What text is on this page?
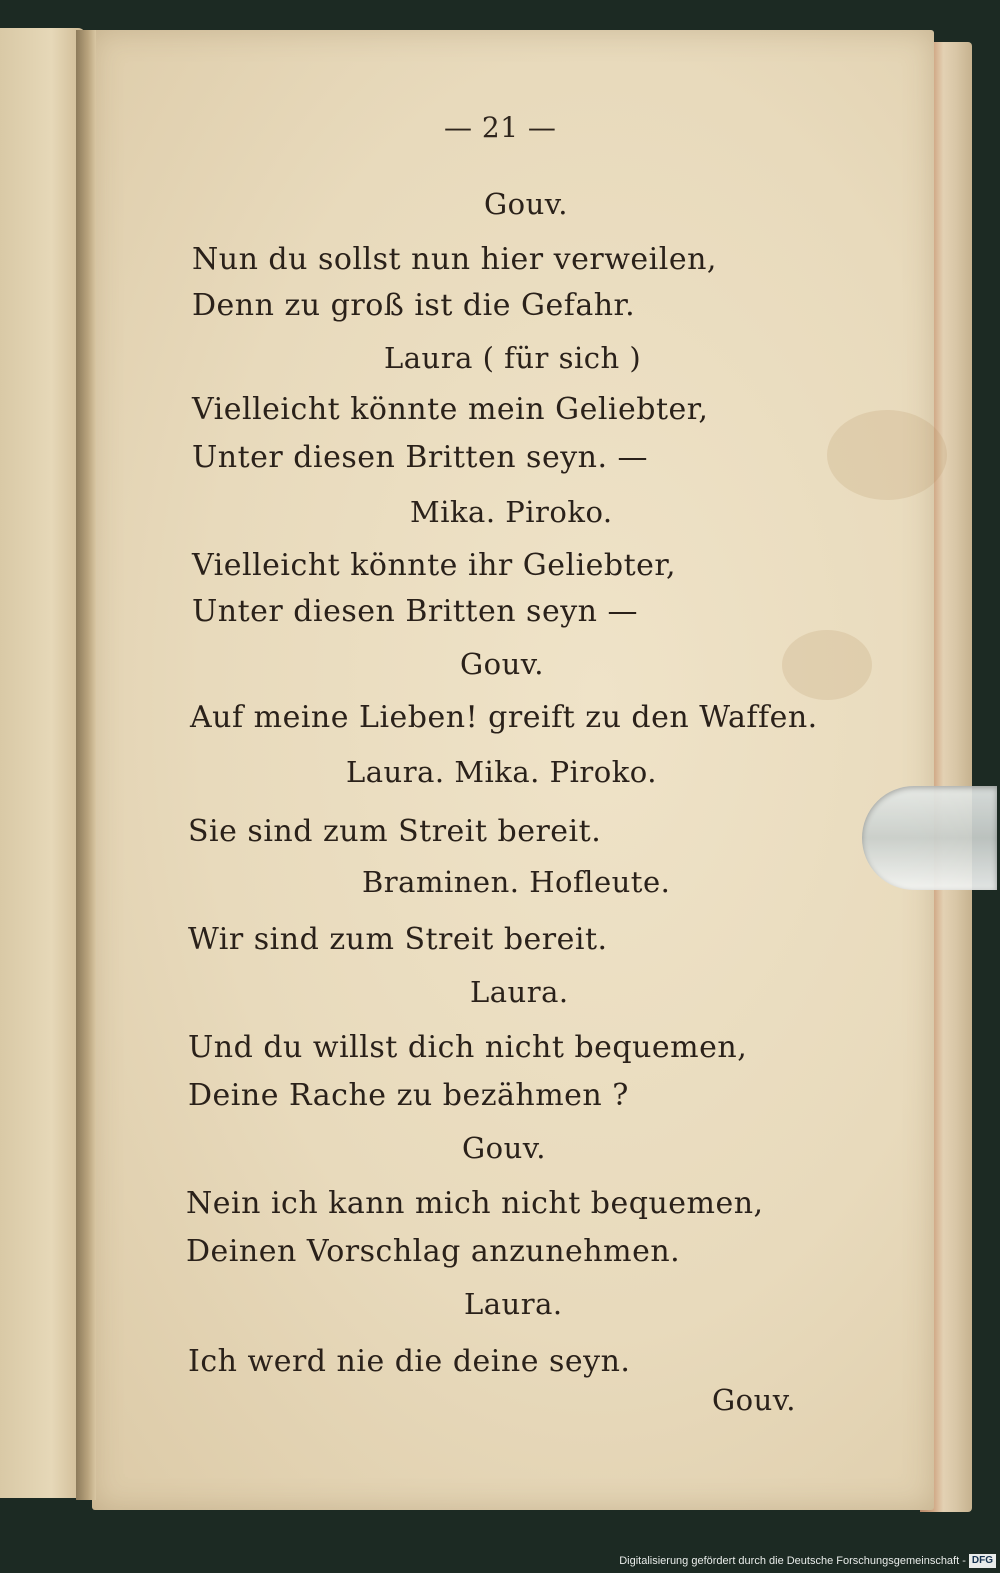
— 21 —
Gouv.
Nun du sollst nun hier verweilen,
Denn zu groß ist die Gefahr.
Laura ( für sich )
Vielleicht könnte mein Geliebter,
Unter diesen Britten seyn. —
Mika. Piroko.
Vielleicht könnte ihr Geliebter,
Unter diesen Britten seyn —
Gouv.
Auf meine Lieben! greift zu den Waffen.
Laura. Mika. Piroko.
Sie sind zum Streit bereit.
Braminen. Hofleute.
Wir sind zum Streit bereit.
Laura.
Und du willst dich nicht bequemen,
Deine Rache zu bezähmen ?
Gouv.
Nein ich kann mich nicht bequemen,
Deinen Vorschlag anzunehmen.
Laura.
Ich werd nie die deine seyn.
Gouv.
Digitalisierung gefördert durch die Deutsche Forschungsgemeinschaft - DFG
